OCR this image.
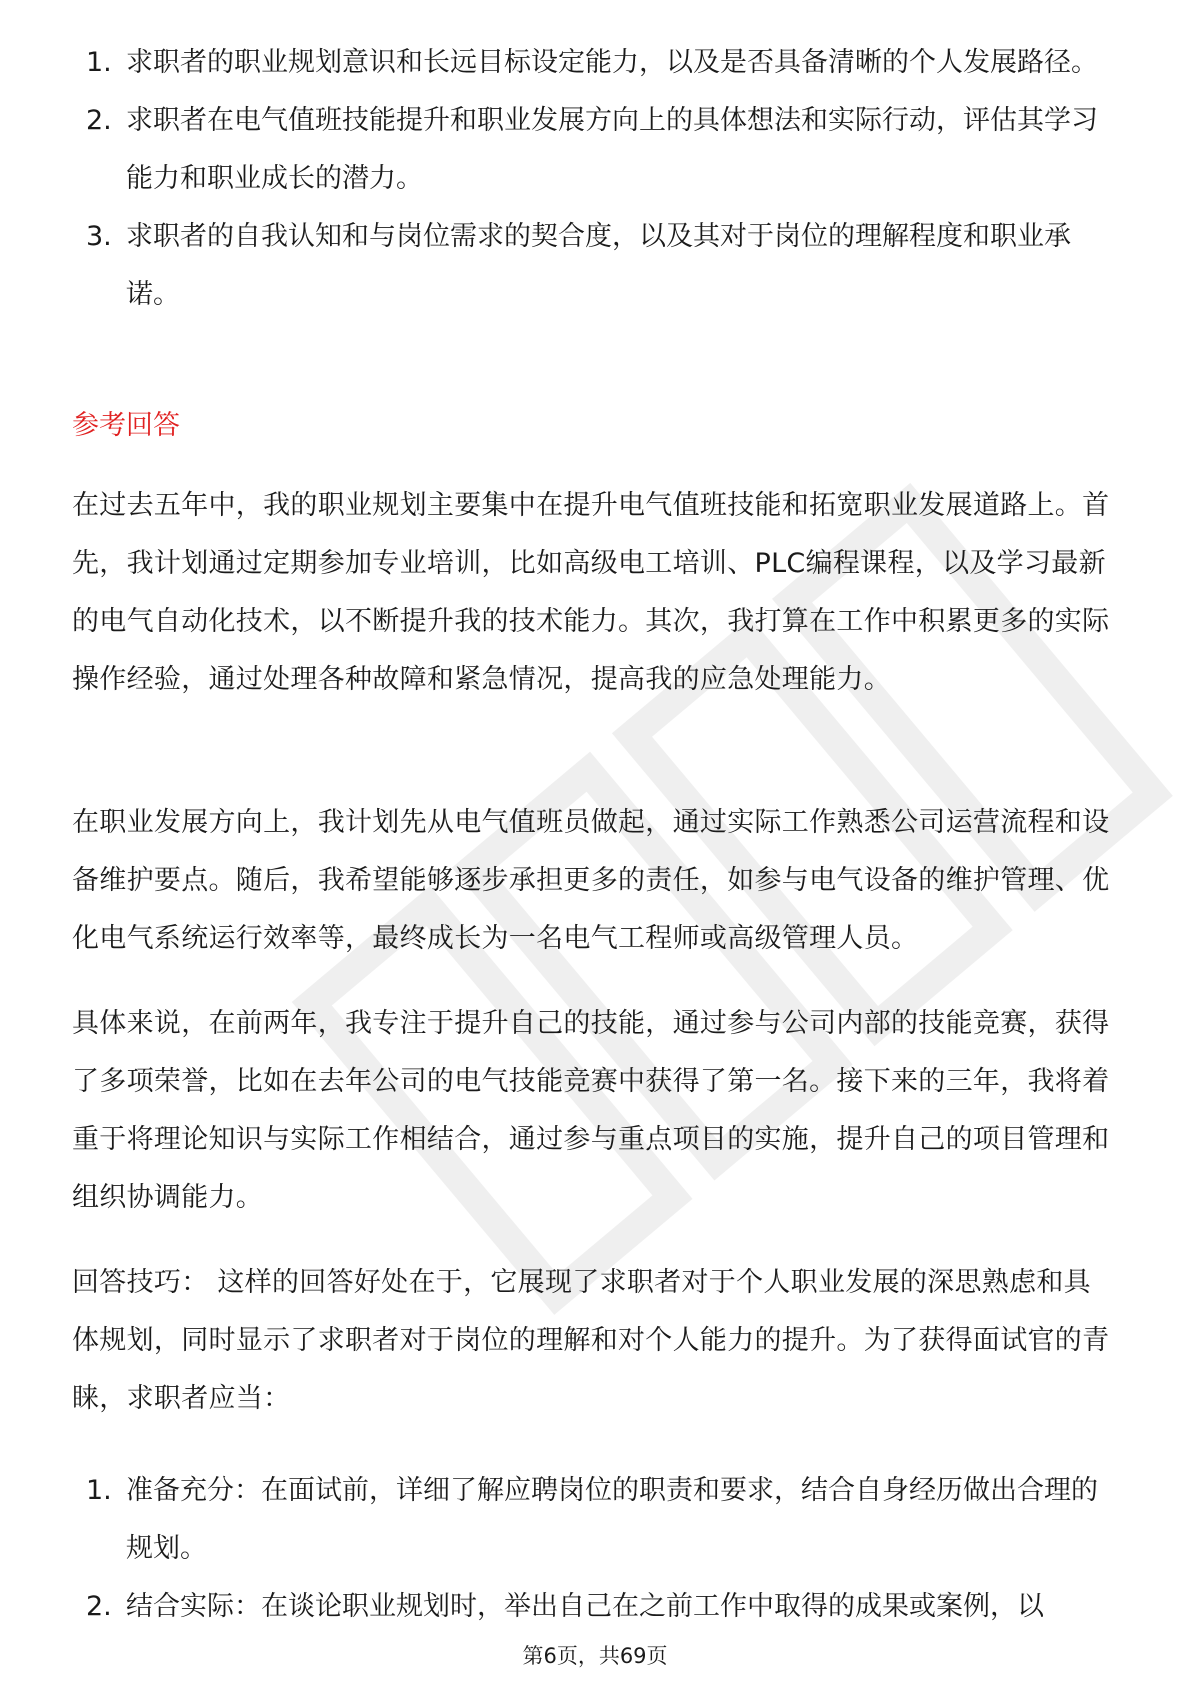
1. 求职者的职业规划意识和长远目标设定能力，以及是否具备清晰的个人发展路径。
2. 求职者在电气值班技能提升和职业发展方向上的具体想法和实际行动，评估其学习能力和职业成长的潜力。
3. 求职者的自我认知和与岗位需求的契合度，以及其对于岗位的理解程度和职业承诺。
参考回答
在过去五年中，我的职业规划主要集中在提升电气值班技能和拓宽职业发展道路上。首先，我计划通过定期参加专业培训，比如高级电工培训、PLC编程课程，以及学习最新的电气自动化技术，以不断提升我的技术能力。其次，我打算在工作中积累更多的实际操作经验，通过处理各种故障和紧急情况，提高我的应急处理能力。
在职业发展方向上，我计划先从电气值班员做起，通过实际工作熟悉公司运营流程和设备维护要点。随后，我希望能够逐步承担更多的责任，如参与电气设备的维护管理、优化电气系统运行效率等，最终成长为一名电气工程师或高级管理人员。
具体来说，在前两年，我专注于提升自己的技能，通过参与公司内部的技能竞赛，获得了多项荣誉，比如在去年公司的电气技能竞赛中获得了第一名。接下来的三年，我将着重于将理论知识与实际工作相结合，通过参与重点项目的实施，提升自己的项目管理和组织协调能力。
回答技巧： 这样的回答好处在于，它展现了求职者对于个人职业发展的深思熟虑和具体规划，同时显示了求职者对于岗位的理解和对个人能力的提升。为了获得面试官的青睐，求职者应当：
1. 准备充分：在面试前，详细了解应聘岗位的职责和要求，结合自身经历做出合理的规划。
2. 结合实际：在谈论职业规划时，举出自己在之前工作中取得的成果或案例，以
第6页，共69页
